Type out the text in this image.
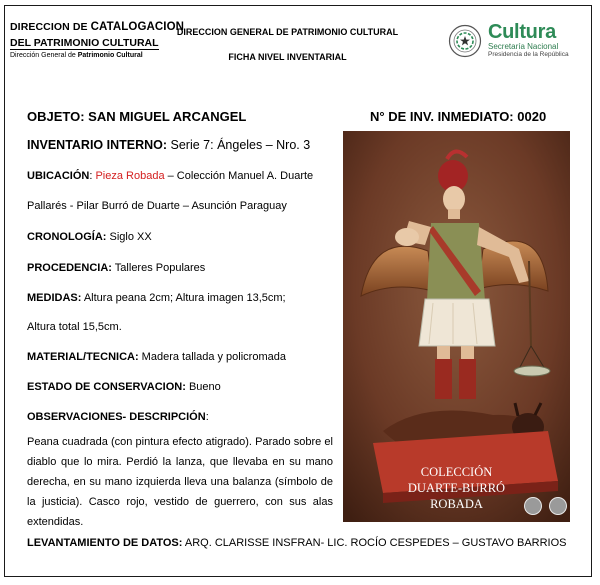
DIRECCION DE CATALOGACION
DEL PATRIMONIO CULTURAL
Dirección General de Patrimonio Cultural
DIRECCION GENERAL DE PATRIMONIO CULTURAL
FICHA NIVEL INVENTARIAL
Cultura
Secretaría Nacional
Presidencia de la República
OBJETO: SAN MIGUEL ARCANGEL	N° DE INV. INMEDIATO: 0020
INVENTARIO INTERNO: Serie 7: Ángeles – Nro. 3
UBICACIÓN: Pieza Robada – Colección Manuel A. Duarte
Pallarés - Pilar Burró de Duarte – Asunción Paraguay
CRONOLOGÍA: Siglo XX
PROCEDENCIA: Talleres Populares
MEDIDAS: Altura peana 2cm; Altura imagen 13,5cm;
Altura total 15,5cm.
MATERIAL/TECNICA: Madera tallada y policromada
ESTADO DE CONSERVACION: Bueno
OBSERVACIONES- DESCRIPCIÓN:
Peana cuadrada (con pintura efecto atigrado). Parado sobre el diablo que lo mira. Perdió la lanza, que llevaba en su mano derecha, en su mano izquierda lleva una balanza (símbolo de la justicia). Casco rojo, vestido de guerrero, con sus alas extendidas.
LEVANTAMIENTO DE DATOS: ARQ. CLARISSE INSFRAN- LIC. ROCÍO CESPEDES – GUSTAVO BARRIOS
COLECCIÓN
DUARTE-BURRÓ
ROBADA
